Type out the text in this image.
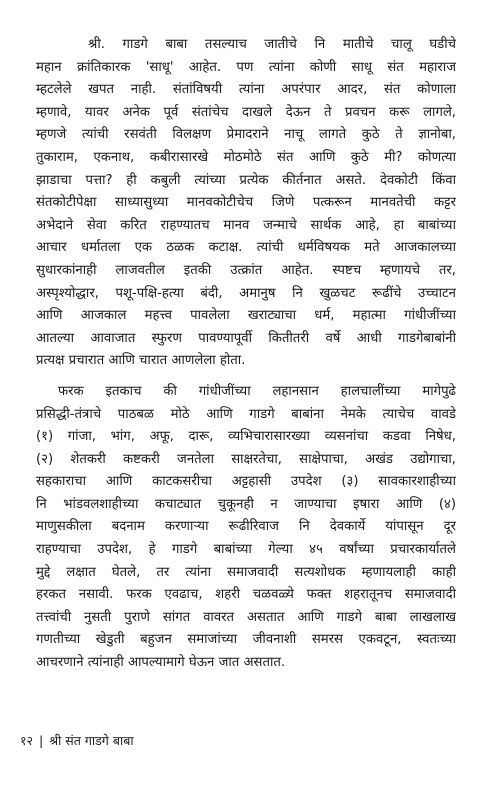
श्री. गाडगे बाबा तसल्याच जातीचे नि मातीचे चालू घडीचे
महान क्रांतिकारक 'साधू' आहेत. पण त्यांना कोणी साधू संत महाराज
म्हटलेले खपत नाही. संतांविषयी त्यांना अपरंपार आदर, संत कोणाला
म्हणावे, यावर अनेक पूर्व संतांचेच दाखले देऊन ते प्रवचन करू लागले,
म्हणजे त्यांची रसवंती विलक्षण प्रेमादराने नाचू लागते कुठे ते ज्ञानोबा,
तुकाराम, एकनाथ, कबीरासारखे मोठमोठे संत आणि कुठे मी? कोणत्या
झाडाचा पत्ता? ही कबुली त्यांच्या प्रत्येक कीर्तनात असते. देवकोटी किंवा
संतकोटीपेक्षा साध्यासुध्या मानवकोटीचेच जिणे पत्करून मानवतेची कट्टर
अभेदाने सेवा करित राहण्यातच मानव जन्माचे सार्थक आहे, हा बाबांच्या
आचार धर्मातला एक ठळक कटाक्ष. त्यांची धर्मविषयक मते आजकालच्या
सुधारकांनाही लाजवतील इतकी उत्क्रांत आहेत. स्पष्टच म्हणायचे तर,
अस्पृश्योद्धार, पशू-पक्षि-हत्या बंदी, अमानुष नि खुळचट रूढींचे उच्चाटन
आणि आजकाल महत्त्व पावलेला खराट्याचा धर्म, महात्मा गांधीजींच्या
आतल्या आवाजात स्फुरण पावण्यापूर्वी कितीतरी वर्षे आधी गाडगेबाबांनी
प्रत्यक्ष प्रचारात आणि चारात आणलेला होता.
फरक इतकाच की गांधीजींच्या लहानसान हालचालींच्या मागेपुढे
प्रसिद्धी-तंत्राचे पाठबळ मोठे आणि गाडगे बाबांना नेमके त्याचेच वावडे
(१) गांजा, भांग, अफू, दारू, व्यभिचारासारख्या व्यसनांचा कडवा निषेध,
(२) शेतकरी कष्टकरी जनतेला साक्षरतेचा, साक्षेपाचा, अखंड उद्योगाचा,
सहकाराचा आणि काटकसरीचा अट्टहासी उपदेश (३) सावकारशाहीच्या
नि भांडवलशाहीच्या कचाट्यात चुकूनही न जाण्याचा इषारा आणि (४)
माणुसकीला बदनाम करणाऱ्या रूढीरिवाज नि देवकार्ये यांपासून दूर
राहण्याचा उपदेश, हे गाडगे बाबांच्या गेल्या ४५ वर्षांच्या प्रचारकार्यातले
मुद्दे लक्षात घेतले, तर त्यांना समाजवादी सत्यशोधक म्हणायलाही काही
हरकत नसावी. फरक एवढाच, शहरी चळवळ्ये फक्त शहरातूनच समाजवादी
तत्त्वांची नुसती पुराणे सांगत वावरत असतात आणि गाडगे बाबा लाखलाख
गणतीच्या खेडुती बहुजन समाजांच्या जीवनाशी समरस एकवटून, स्वतःच्या
आचरणाने त्यांनाही आपल्यामागे घेऊन जात असतात.
१२ | श्री संत गाडगे बाबा
